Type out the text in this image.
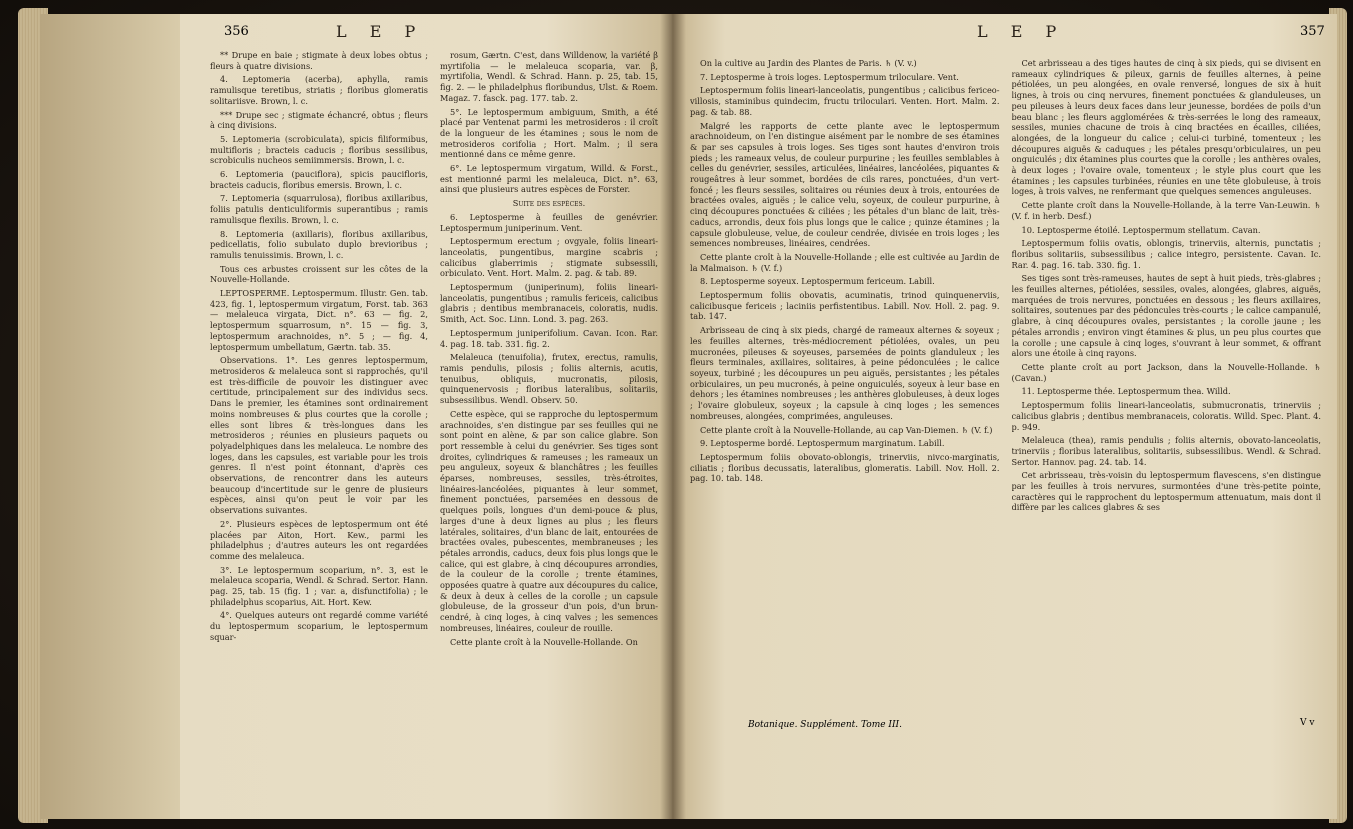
** Drupe en baie ; stigmate à deux lobes obtus ; fleurs à quatre divisions.

4. Leptomeria (acerba), aphylla, ramis ramulisque teretibus, striatis ; floribus glomeratis solitariisve. Brown, l. c.

*** Drupe sec ; stigmate échancré, obtus ; fleurs à cinq divisions.

5. Leptomeria (scrobiculata), spicis filiformibus, multifloris ; bracteis caducis ; floribus sessilibus, scrobiculis nucheos semiimmersis. Brown, l. c.

6. Leptomeria (pauciflora), spicis paucifloris, bracteis caducis, floribus emersis. Brown, l. c.

7. Leptomeria (squarrulosa), floribus axillaribus, foliis patulis denticuliformis superantibus ; ramis ramulisque flexilis. Brown, l. c.

8. Leptomeria (axillaris), floribus axillaribus, pedicellatis, folio subulato duplo brevioribus ; ramulis tenuissimis. Brown, l. c.

Tous ces arbustes croissent sur les côtes de la Nouvelle-Hollande.

LEPTOSPERME. Leptospermum. Illustr. Gen. tab. 423, fig. 1, leptospermum virgatum, Forst. tab. 363 — melaleuca virgata, Dict. n°. 63 — fig. 2, leptospermum squarrosum, n°. 15 — fig. 3, leptospermum arachnoides, n°. 5 ; — fig. 4, leptospermum umbellatum, Gærtn. tab. 35.

Observations. 1°. Les genres leptospermum, metrosideros & melaleuca sont si rapprochés, qu'il est très-difficile de pouvoir les distinguer avec certitude, principalement sur des individus secs. Dans le premier, les étamines sont ordinairement moins nombreuses & plus courtes que la corolle ; elles sont libres & très-longues dans les metrosideros ; réunies en plusieurs paquets ou polyadelphiques dans les melaleuca. Le nombre des loges, dans les capsules, est variable pour les trois genres. Il n'est point étonnant, d'après ces observations, de rencontrer dans les auteurs beaucoup d'incertitude sur le genre de plusieurs espèces, ainsi qu'on peut le voir par les observations suivantes.

2°. Plusieurs espèces de leptospermum ont été placées par Aiton, Hort. Kew., parmi les philadelphus ; d'autres auteurs les ont regardées comme des melaleuca.

3°. Le leptospermum scoparium, n°. 3, est le melaleuca scoparia, Wendl. & Schrad. Sertor. Hann. pag. 25, tab. 15 (fig. 1 ; var. a, disfunctifolia) ; le philadelphus scoparius, Ait. Hort. Kew.

4°. Quelques auteurs ont regardé comme variété du leptospermum scoparium, le leptospermum squar-

rosum, Gærtn. C'est, dans Willdenow, la variété β myrtifolia — le melaleuca scoparia, var. β, myrtifolia, Wendl. & Schrad. Hann. p. 25, tab. 15, fig. 2. — le philadelphus floribundus, Ulst. & Roem. Magaz. 7. fasck. pag. 177. tab. 2.

5°. Le leptospermum ambiguum, Smith, a été placé par Ventenat parmi les metrosideros : il croît de la longueur de les étamines ; sous le nom de metrosideros corifolia ; Hort. Malm. ; il sera mentionné dans ce même genre.

6°. Le leptospermum virgatum, Willd. & Forst., est mentionné parmi les melaleuca, Dict. n°. 63, ainsi que plusieurs autres espèces de Forster.

Suite des espèces.

6. Leptosperme à feuilles de genévrier. Leptospermum juniperinum. Vent.

Leptospermum erectum ; ovgyale, foliis lineari-lanceolatis, pungentibus, margine scabris ; calicibus glaberrimis ; stigmate subsessili, orbiculato. Vent. Hort. Malm. 2. pag. & tab. 89.

Leptospermum (juniperinum), foliis lineari-lanceolatis, pungentibus ; ramulis fericeis, calicibus glabris ; dentibus membranaceis, coloratis, nudis. Smith, Act. Soc. Linn. Lond. 3. pag. 263.

Leptospermum juniperifolium. Cavan. Icon. Rar. 4. pag. 18. tab. 331. fig. 2.

Melaleuca (tenuifolia), frutex, erectus, ramulis, ramis pendulis, pilosis ; foliis alternis, acutis, tenuibus, obliquis, mucronatis, pilosis, quinquenervosis ; floribus lateralibus, solitariis, subsessilibus. Wendl. Observ. 50.

Cette espèce, qui se rapproche du leptospermum arachnoides, s'en distingue par ses feuilles qui ne sont point en alène, & par son calice glabre. Son port ressemble à celui du genévrier. Ses tiges sont droites, cylindriques & rameuses ; les rameaux un peu anguleux, soyeux & blanchâtres ; les feuilles éparses, nombreuses, sessiles, très-étroites, linéaires-lancéolées, piquantes à leur sommet, finement ponctuées, parsemées en dessous de quelques poils, longues d'un demi-pouce & plus, larges d'une à deux lignes au plus ; les fleurs latérales, solitaires, d'un blanc de lait, entourées de bractées ovales, pubescentes, membraneuses ; les pétales arrondis, caducs, deux fois plus longs que le calice, qui est glabre, à cinq découpures arrondies, de la couleur de la corolle ; trente étamines, opposées quatre à quatre aux découpures du calice, & deux à deux à celles de la corolle ; un capsule globuleuse, de la grosseur d'un pois, d'un brun-cendré, à cinq loges, à cinq valves ; les semences nombreuses, linéaires, couleur de rouille.

Cette plante croît à la Nouvelle-Hollande. On

On la cultive au Jardin des Plantes de Paris. ♄ (V. v.)

7. Leptosperme à trois loges. Leptospermum triloculare. Vent.

Leptospermum foliis lineari-lanceolatis, pungentibus ; calicibus fericeo-villosis, staminibus quindecim, fructu triloculari. Venten. Hort. Malm. 2. pag. & tab. 88.

Malgré les rapports de cette plante avec le leptospermum arachnoideum, on l'en distingue aisément par le nombre de ses étamines & par ses capsules à trois loges. Ses tiges sont hautes d'environ trois pieds ; les rameaux velus, de couleur purpurine ; les feuilles semblables à celles du genévrier, sessiles, articulées, linéaires, lancéolées, piquantes & rougeâtres à leur sommet, bordées de cils rares, ponctuées, d'un vert-foncé ; les fleurs sessiles, solitaires ou réunies deux à trois, entourées de bractées ovales, aiguës ; le calice velu, soyeux, de couleur purpurine, à cinq découpures ponctuées & ciliées ; les pétales d'un blanc de lait, très-caducs, arrondis, deux fois plus longs que le calice ; quinze étamines ; la capsule globuleuse, velue, de couleur cendrée, divisée en trois loges ; les semences nombreuses, linéaires, cendrées.

Cette plante croît à la Nouvelle-Hollande ; elle est cultivée au Jardin de la Malmaison. ♄ (V. f.)

8. Leptosperme soyeux. Leptospermum fericeum. Labill.

Leptospermum foliis obovatis, acuminatis, trinod quinquenerviis, calicibusque fericeis ; laciniis perfistentibus. Labill. Nov. Holl. 2. pag. 9. tab. 147.

Arbrisseau de cinq à six pieds, chargé de rameaux alternes & soyeux ; les feuilles alternes, très-médiocrement pétiolées, ovales, un peu mucronées, pileuses & soyeuses, parsemées de points glanduleux ; les fleurs terminales, axillaires, solitaires, à peine pédonculées ; le calice soyeux, turbiné ; les découpures un peu aiguës, persistantes ; les pétales orbiculaires, un peu mucronés, à peine onguiculés, soyeux à leur base en dehors ; les étamines nombreuses ; les anthères globuleuses, à deux loges ; l'ovaire globuleux, soyeux ; la capsule à cinq loges ; les semences nombreuses, alongées, comprimées, anguleuses.

Cette plante croît à la Nouvelle-Hollande, au cap Van-Diemen. ♄ (V. f.)

9. Leptosperme bordé. Leptospermum marginatum. Labill.

Leptospermum foliis obovato-oblongis, trinerviis, nivco-marginatis, ciliatis ; floribus decussatis, lateralibus, glomeratis. Labill. Nov. Holl. 2. pag. 10. tab. 148.

Cet arbrisseau a des tiges hautes de cinq à six pieds, qui se divisent en rameaux cylindriques & pileux, garnis de feuilles alternes, à peine pétiolées, un peu alongées, en ovale renversé, longues de six à huit lignes, à trois ou cinq nervures, finement ponctuées & glanduleuses, un peu pileuses à leurs deux faces dans leur jeunesse, bordées de poils d'un beau blanc ; les fleurs agglomérées & très-serrées le long des rameaux, sessiles, munies chacune de trois à cinq bractées en écailles, ciliées, alongées, de la longueur du calice ; celui-ci turbiné, tomenteux ; les découpures aiguës & caduques ; les pétales presqu'orbiculaires, un peu onguiculés ; dix étamines plus courtes que la corolle ; les anthères ovales, à deux loges ; l'ovaire ovale, tomenteux ; le style plus court que les étamines ; les capsules turbinées, réunies en une tête globuleuse, à trois loges, à trois valves, ne renfermant que quelques semences anguleuses.

Cette plante croît dans la Nouvelle-Hollande, à la terre Van-Leuwin. ♄ (V. f. in herb. Desf.)

10. Leptosperme étoilé. Leptospermum stellatum. Cavan.

Leptospermum foliis ovatis, oblongis, trinerviis, alternis, punctatis ; floribus solitariis, subsessilibus ; calice integro, persistente. Cavan. Ic. Rar. 4. pag. 16. tab. 330. fig. 1.

Ses tiges sont très-rameuses, hautes de sept à huit pieds, très-glabres ; les feuilles alternes, pétiolées, sessiles, ovales, alongées, glabres, aiguës, marquées de trois nervures, ponctuées en dessous ; les fleurs axillaires, solitaires, soutenues par des pédoncules très-courts ; le calice campanulé, glabre, à cinq découpures ovales, persistantes ; la corolle jaune ; les pétales arrondis ; environ vingt étamines & plus, un peu plus courtes que la corolle ; une capsule à cinq loges, s'ouvrant à leur sommet, & offrant alors une étoile à cinq rayons.

Cette plante croît au port Jackson, dans la Nouvelle-Hollande. ♄ (Cavan.)

11. Leptosperme thée. Leptospermum thea. Willd.

Leptospermum foliis lineari-lanceolatis, submucronatis, trinerviis ; calicibus glabris ; dentibus membranaceis, coloratis. Willd. Spec. Plant. 4. p. 949.

Melaleuca (thea), ramis pendulis ; foliis alternis, obovato-lanceolatis, trinerviis ; floribus lateralibus, solitariis, subsessilibus. Wendl. & Schrad. Sertor. Hannov. pag. 24. tab. 14.

Cet arbrisseau, très-voisin du leptospermum flavescens, s'en distingue par les feuilles à trois nervures, surmontées d'une très-petite pointe, caractères qui le rapprochent du leptospermum attenuatum, mais dont il diffère par les calices glabres & ses

356	L E P	L E P	357
Botanique. Supplément. Tome III.	V v
